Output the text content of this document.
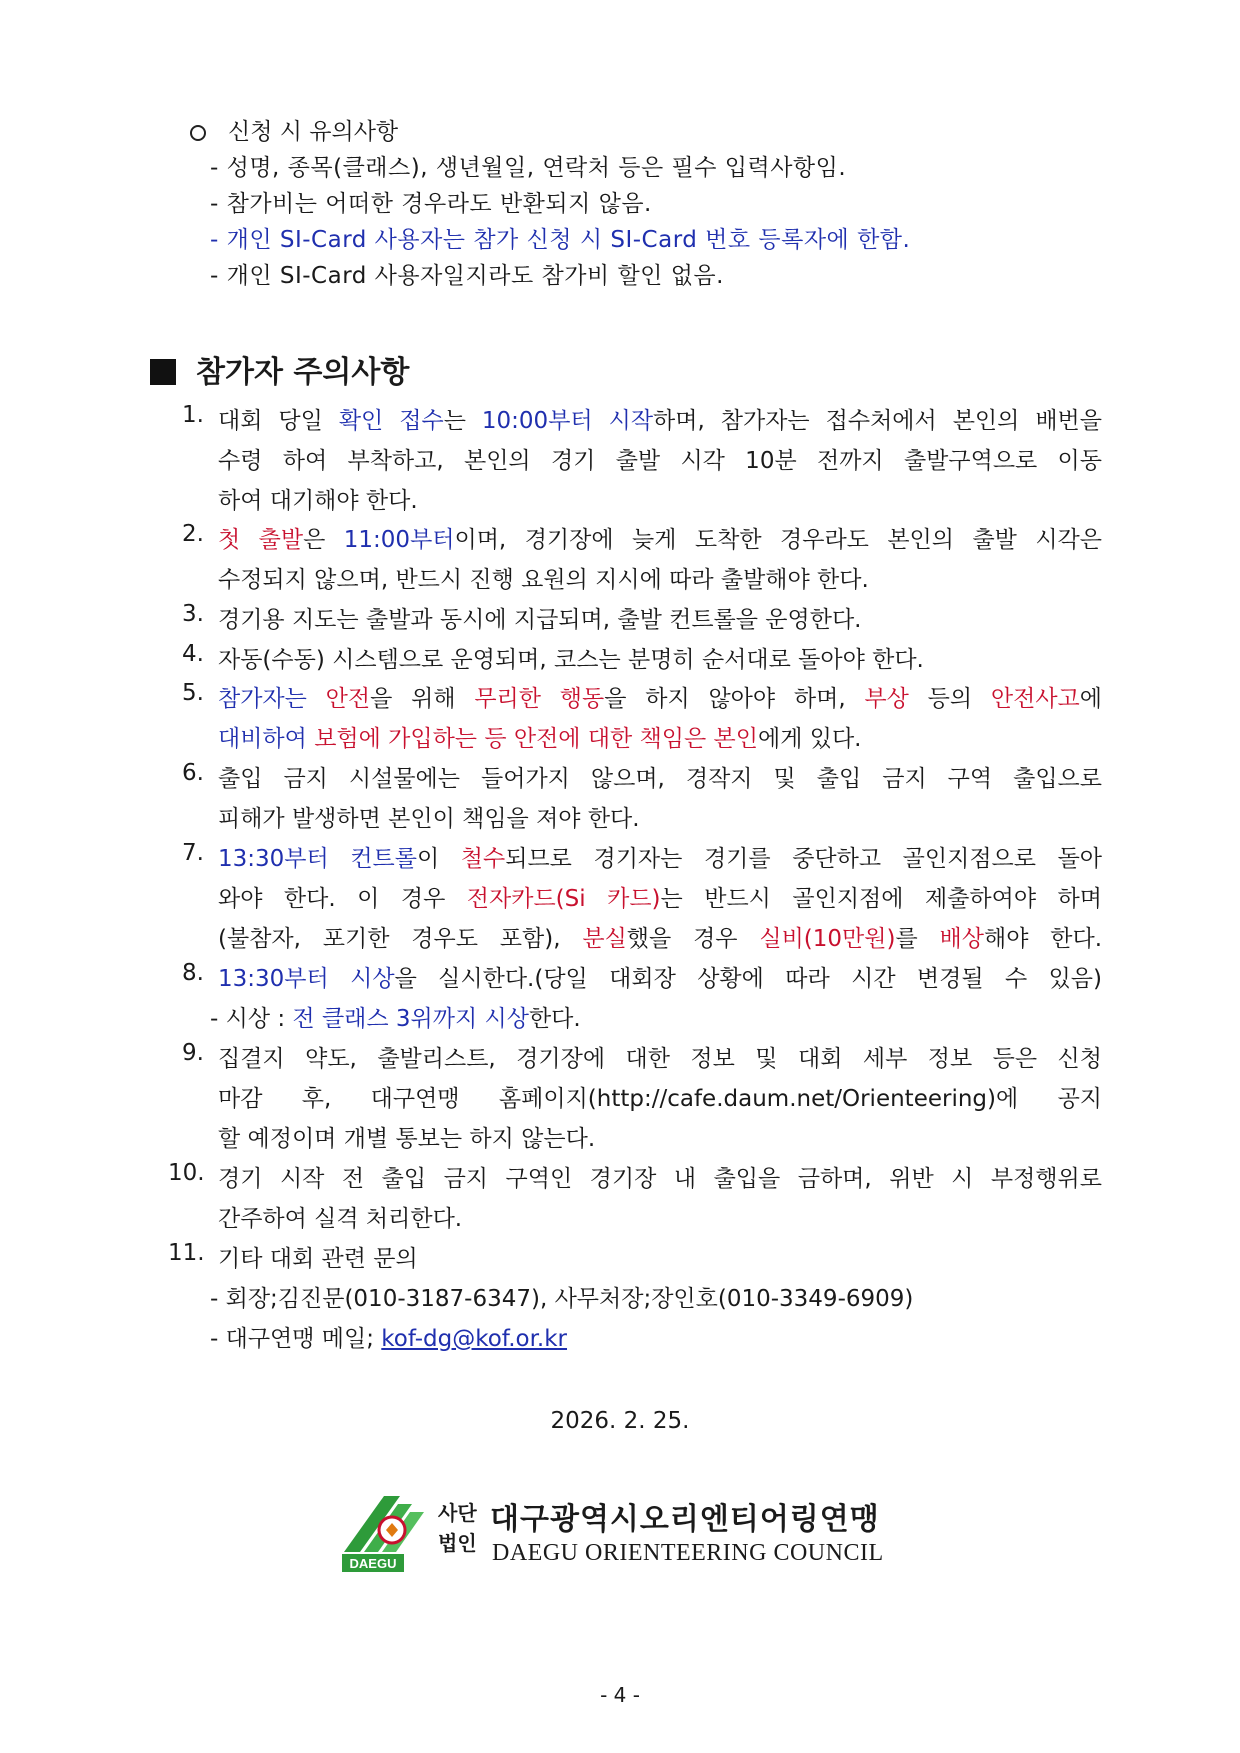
신청 시 유의사항
- 성명, 종목(클래스), 생년월일, 연락처 등은 필수 입력사항임.
- 참가비는 어떠한 경우라도 반환되지 않음.
- 개인 SI-Card 사용자는 참가 신청 시 SI-Card 번호 등록자에 한함.
- 개인 SI-Card 사용자일지라도 참가비 할인 없음.
참가자 주의사항
1. 대회 당일 확인 접수는 10:00부터 시작하며, 참가자는 접수처에서 본인의 배번을
수령 하여 부착하고, 본인의 경기 출발 시각 10분 전까지 출발구역으로 이동
하여 대기해야 한다.
2. 첫 출발은 11:00부터이며, 경기장에 늦게 도착한 경우라도 본인의 출발 시각은
수정되지 않으며, 반드시 진행 요원의 지시에 따라 출발해야 한다.
3. 경기용 지도는 출발과 동시에 지급되며, 출발 컨트롤을 운영한다.
4. 자동(수동) 시스템으로 운영되며, 코스는 분명히 순서대로 돌아야 한다.
5. 참가자는 안전을 위해 무리한 행동을 하지 않아야 하며, 부상 등의 안전사고에
대비하여 보험에 가입하는 등 안전에 대한 책임은 본인에게 있다.
6. 출입 금지 시설물에는 들어가지 않으며, 경작지 및 출입 금지 구역 출입으로
피해가 발생하면 본인이 책임을 져야 한다.
7. 13:30부터 컨트롤이 철수되므로 경기자는 경기를 중단하고 골인지점으로 돌아
와야 한다. 이 경우 전자카드(Si 카드)는 반드시 골인지점에 제출하여야 하며
(불참자, 포기한 경우도 포함), 분실했을 경우 실비(10만원)를 배상해야 한다.
8. 13:30부터 시상을 실시한다.(당일 대회장 상황에 따라 시간 변경될 수 있음)
- 시상 : 전 클래스 3위까지 시상한다.
9. 집결지 약도, 출발리스트, 경기장에 대한 정보 및 대회 세부 정보 등은 신청
마감 후, 대구연맹 홈페이지(http://cafe.daum.net/Orienteering)에 공지
할 예정이며 개별 통보는 하지 않는다.
10. 경기 시작 전 출입 금지 구역인 경기장 내 출입을 금하며, 위반 시 부정행위로
간주하여 실격 처리한다.
11. 기타 대회 관련 문의
- 회장;김진문(010-3187-6347), 사무처장;장인호(010-3349-6909)
- 대구연맹 메일; kof-dg@kof.or.kr
2026. 2. 25.
DAEGU
사단
법인
대구광역시오리엔티어링연맹
DAEGU ORIENTEERING COUNCIL
- 4 -
